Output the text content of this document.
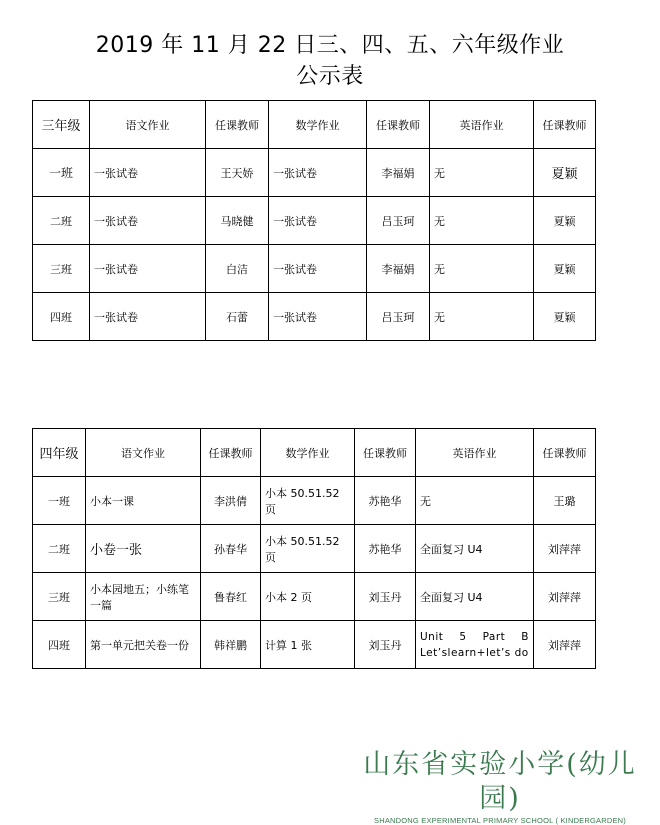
2019 年 11 月 22 日三、四、五、六年级作业
公示表
三年级	语文作业	任课教师	数学作业	任课教师	英语作业	任课教师
一班	一张试卷	王天娇	一张试卷	李福娟	无	夏颖
二班	一张试卷	马晓健	一张试卷	吕玉珂	无	夏颖
三班	一张试卷	白洁	一张试卷	李福娟	无	夏颖
四班	一张试卷	石蕾	一张试卷	吕玉珂	无	夏颖
四年级	语文作业	任课教师	数学作业	任课教师	英语作业	任课教师
一班	小本一课	李洪倩	小本 50.51.52 页	苏艳华	无	王璐
二班	小卷一张	孙春华	小本 50.51.52 页	苏艳华	全面复习 U4	刘萍萍
三班	小本园地五；小练笔一篇	鲁春红	小本 2 页	刘玉丹	全面复习 U4	刘萍萍
四班	第一单元把关卷一份	韩祥鹏	计算 1 张	刘玉丹	Unit 5 Part B Let’slearn+let’s do	刘萍萍
山东省实验小学(幼儿园)
SHANDONG EXPERIMENTAL PRIMARY SCHOOL ( KINDERGARDEN)
